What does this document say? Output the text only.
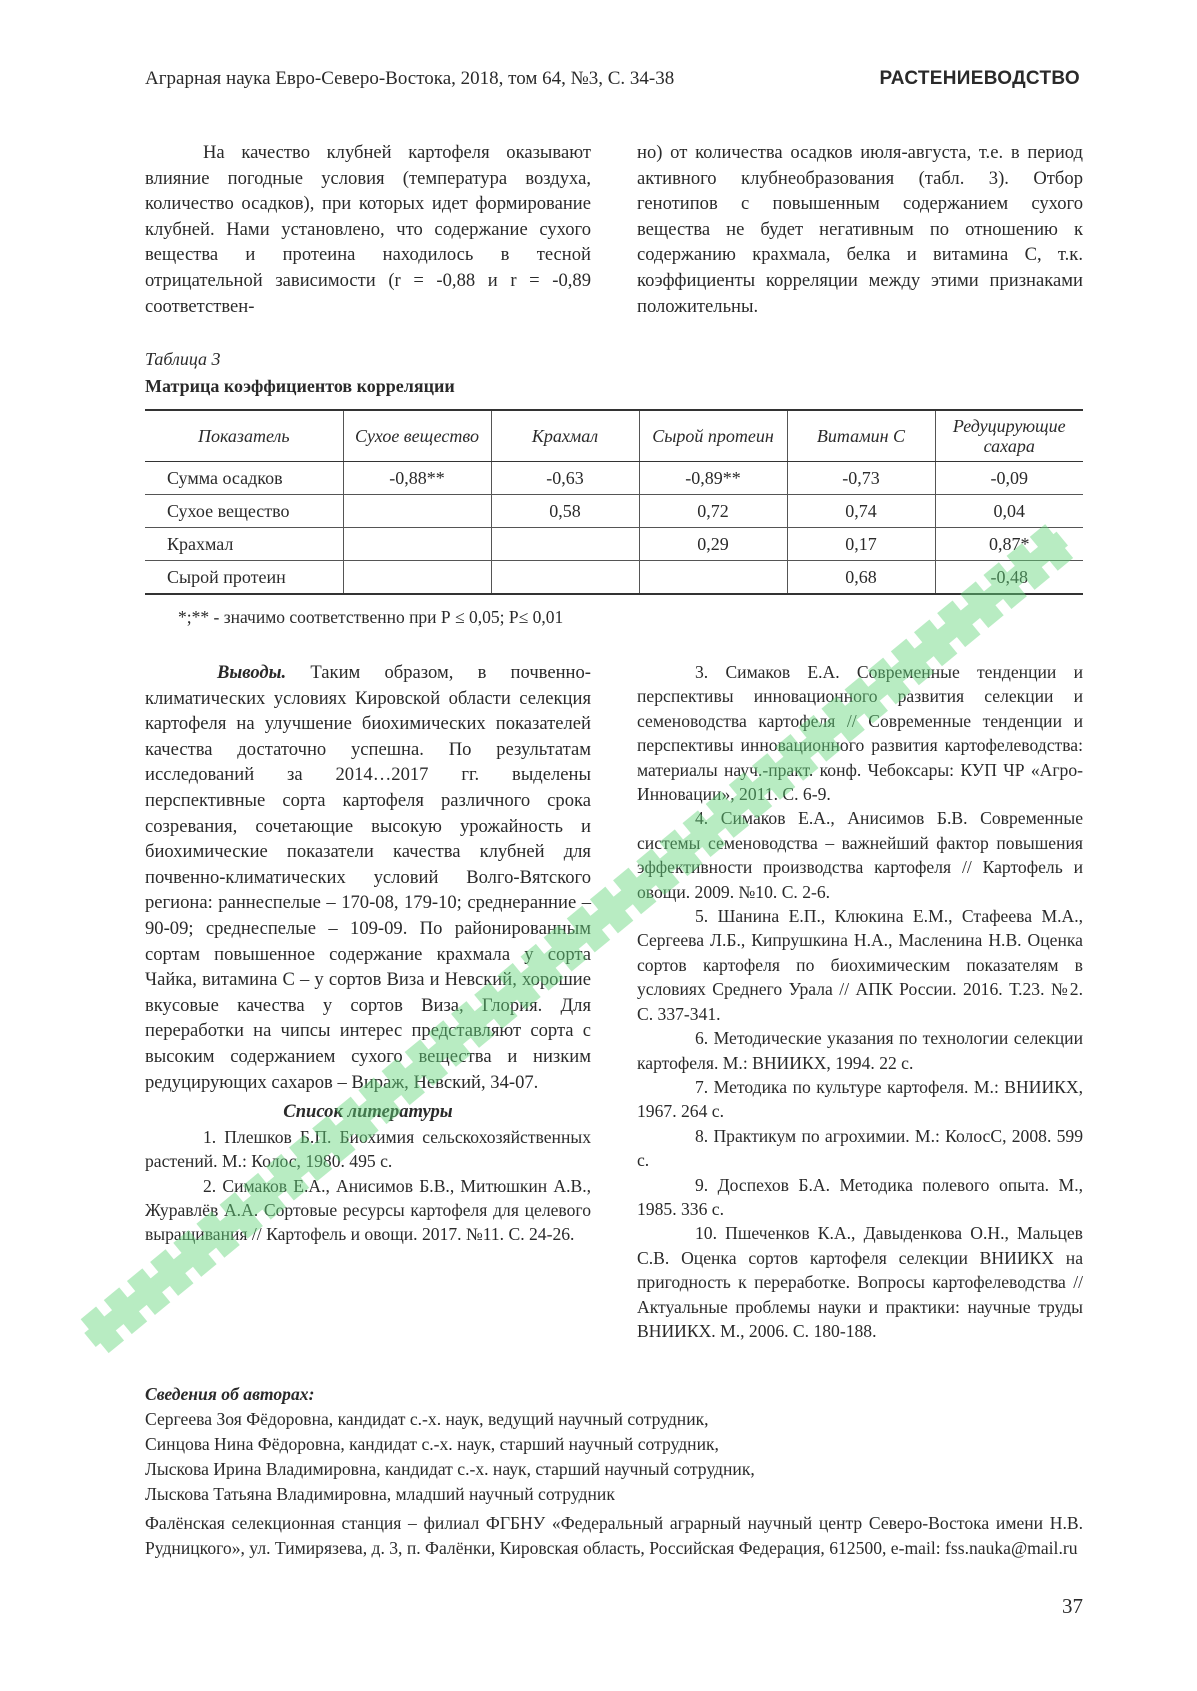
Аграрная наука Евро-Северо-Востока, 2018, том 64, №3, С. 34-38	РАСТЕНИЕВОДСТВО

На качество клубней картофеля оказывают влияние погодные условия (температура воздуха, количество осадков), при которых идет формирование клубней. Нами установлено, что содержание сухого вещества и протеина находилось в тесной отрицательной зависимости (r = -0,88 и r = -0,89 соответствен-

но) от количества осадков июля-августа, т.е. в период активного клубнеобразования (табл. 3). Отбор генотипов с повышенным содержанием сухого вещества не будет негативным по отношению к содержанию крахмала, белка и витамина С, т.к. коэффициенты корреляции между этими признаками положительны.

Таблица 3
Матрица коэффициентов корреляции
Показатель	Сухое вещество	Крахмал	Сырой протеин	Витамин С	Редуцирующие сахара
Сумма осадков	-0,88**	-0,63	-0,89**	-0,73	-0,09
Сухое вещество		0,58	0,72	0,74	0,04
Крахмал			0,29	0,17	0,87*
Сырой протеин				0,68	-0,48
*;** - значимо соответственно при Р ≤ 0,05; Р≤ 0,01

Выводы. Таким образом, в почвенно-климатических условиях Кировской области селекция картофеля на улучшение биохимических показателей качества достаточно успешна. По результатам исследований за 2014…2017 гг. выделены перспективные сорта картофеля различного срока созревания, сочетающие высокую урожайность и биохимические показатели качества клубней для почвенно-климатических условий Волго-Вятского региона: раннеспелые – 170-08, 179-10; среднеранние – 90-09; среднеспелые – 109-09. По районированным сортам повышенное содержание крахмала у сорта Чайка, витамина С – у сортов Виза и Невский, хорошие вкусовые качества у сортов Виза, Глория. Для переработки на чипсы интерес представляют сорта с высоким содержанием сухого вещества и низким редуцирующих сахаров – Вираж, Невский, 34-07.

Список литературы

1. Плешков Б.П. Биохимия сельскохозяйственных растений. М.: Колос, 1980. 495 с.

2. Симаков Е.А., Анисимов Б.В., Митюшкин А.В., Журавлёв А.А. Сортовые ресурсы картофеля для целевого выращивания // Картофель и овощи. 2017. №11. С. 24-26.

3. Симаков Е.А. Современные тенденции и перспективы инновационного развития селекции и семеноводства картофеля // Современные тенденции и перспективы инновационного развития картофелеводства: материалы науч.-практ. конф. Чебоксары: КУП ЧР «Агро-Инновации», 2011. С. 6-9.

4. Симаков Е.А., Анисимов Б.В. Современные системы семеноводства – важнейший фактор повышения эффективности производства картофеля // Картофель и овощи. 2009. №10. С. 2-6.

5. Шанина Е.П., Клюкина Е.М., Стафеева М.А., Сергеева Л.Б., Кипрушкина Н.А., Масленина Н.В. Оценка сортов картофеля по биохимическим показателям в условиях Среднего Урала // АПК России. 2016. Т.23. №2. С. 337-341.

6. Методические указания по технологии селекции картофеля. М.: ВНИИКХ, 1994. 22 с.

7. Методика по культуре картофеля. М.: ВНИИКХ, 1967. 264 с.

8. Практикум по агрохимии. М.: КолосС, 2008. 599 с.

9. Доспехов Б.А. Методика полевого опыта. М., 1985. 336 с.

10. Пшеченков К.А., Давыденкова О.Н., Мальцев С.В. Оценка сортов картофеля селекции ВНИИКХ на пригодность к переработке. Вопросы картофелеводства // Актуальные проблемы науки и практики: научные труды ВНИИКХ. М., 2006. С. 180-188.

Сведения об авторах:
Сергеева Зоя Фёдоровна, кандидат с.-х. наук, ведущий научный сотрудник,
Синцова Нина Фёдоровна, кандидат с.-х. наук, старший научный сотрудник,
Лыскова Ирина Владимировна, кандидат с.-х. наук, старший научный сотрудник,
Лыскова Татьяна Владимировна, младший научный сотрудник
Фалёнская селекционная станция – филиал ФГБНУ «Федеральный аграрный научный центр Северо-Востока имени Н.В. Рудницкого», ул. Тимирязева, д. 3, п. Фалёнки, Кировская область, Российская Федерация, 612500, e-mail: fss.nauka@mail.ru
37
